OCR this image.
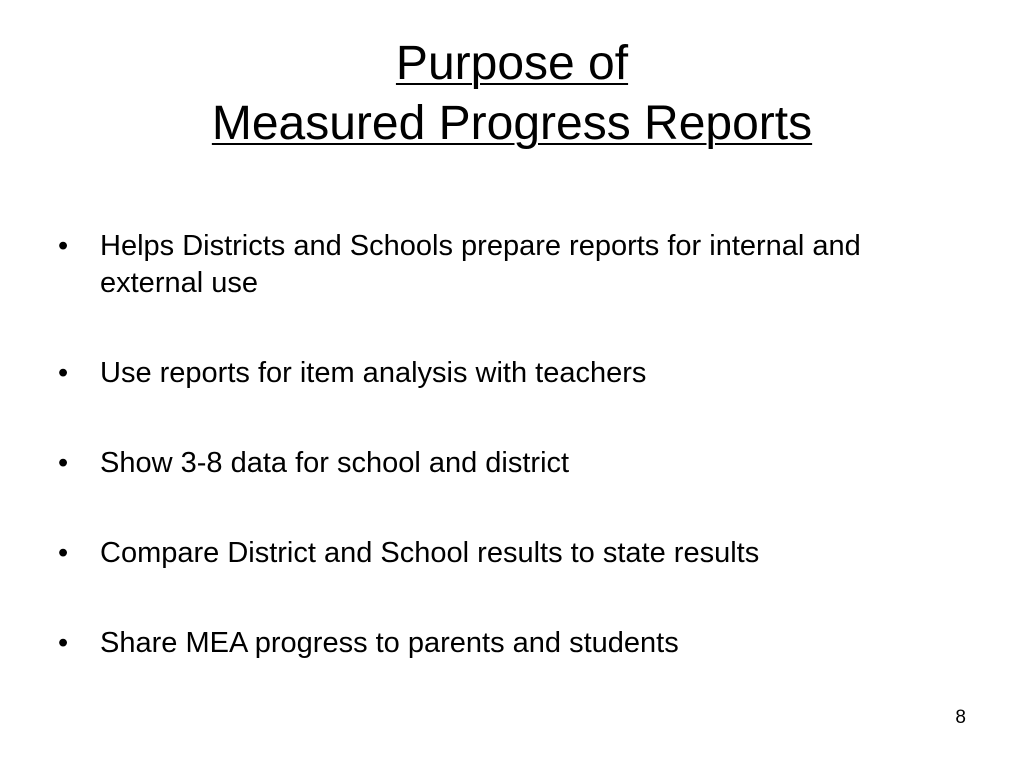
Purpose of
Measured Progress Reports
•	Helps Districts and Schools prepare reports for internal and external use
•	Use reports for item analysis with teachers
•	Show 3-8 data for school and district
•	Compare District and School results to state results
•	Share MEA progress to parents and students
8
